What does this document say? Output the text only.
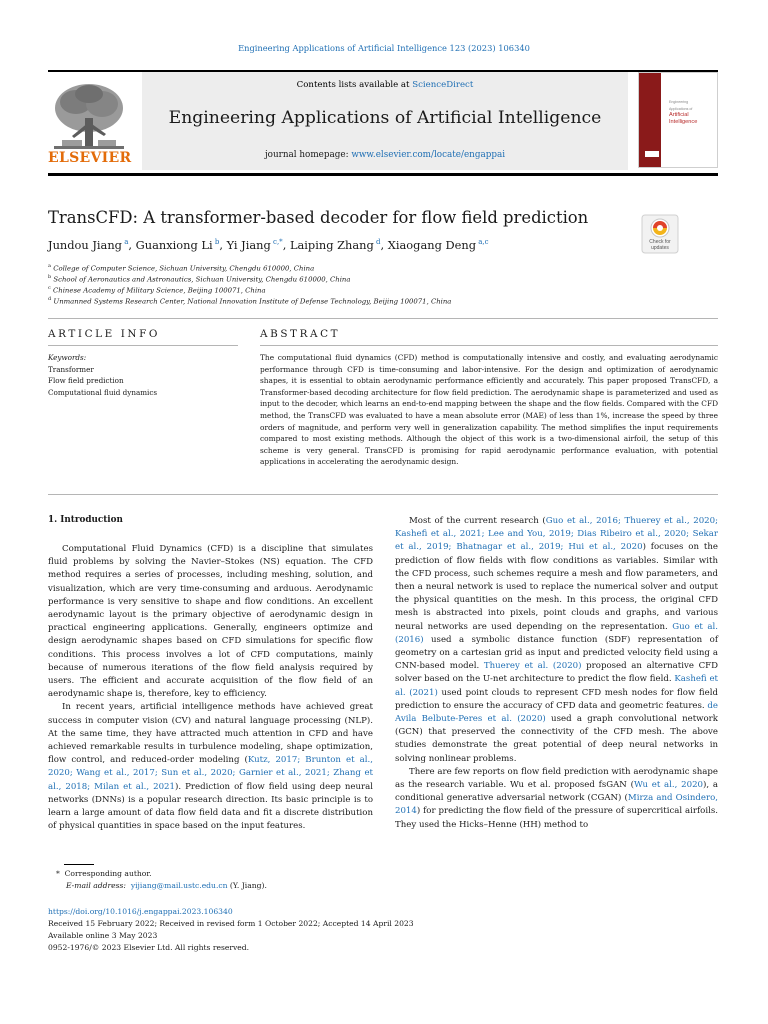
Engineering Applications of Artificial Intelligence 123 (2023) 106340
ELSEVIER
Contents lists available at ScienceDirect
Engineering Applications of Artificial Intelligence
journal homepage: www.elsevier.com/locate/engappai
Engineering
Applications of
Artificial
Intelligence
TransCFD: A transformer-based decoder for flow field prediction
Check for
updates
Jundou Jiang $^a$, Guanxiong Li $^b$, Yi Jiang $^{c,*}$, Laiping Zhang $^d$, Xiaogang Deng $^{a,c}$
$^a$ College of Computer Science, Sichuan University, Chengdu 610000, China
$^b$ School of Aeronautics and Astronautics, Sichuan University, Chengdu 610000, China
$^c$ Chinese Academy of Military Science, Beijing 100071, China
$^d$ Unmanned Systems Research Center, National Innovation Institute of Defense Technology, Beijing 100071, China
ARTICLE INFO	ABSTRACT
Keywords:
Transformer
Flow field prediction
Computational fluid dynamics
The computational fluid dynamics (CFD) method is computationally intensive and costly, and evaluating aerodynamic performance through CFD is time-consuming and labor-intensive. For the design and optimization of aerodynamic shapes, it is essential to obtain aerodynamic performance efficiently and accurately. This paper proposed TransCFD, a Transformer-based decoding architecture for flow field prediction. The aerodynamic shape is parameterized and used as input to the decoder, which learns an end-to-end mapping between the shape and the flow fields. Compared with the CFD method, the TransCFD was evaluated to have a mean absolute error (MAE) of less than 1%, increase the speed by three orders of magnitude, and perform very well in generalization capability. The method simplifies the input requirements compared to most existing methods. Although the object of this work is a two-dimensional airfoil, the setup of this scheme is very general. TransCFD is promising for rapid aerodynamic performance evaluation, with potential applications in accelerating the aerodynamic design.
1. Introduction

Computational Fluid Dynamics (CFD) is a discipline that simulates fluid problems by solving the Navier–Stokes (NS) equation. The CFD method requires a series of processes, including meshing, solution, and visualization, which are very time-consuming and arduous. Aerodynamic performance is very sensitive to shape and flow conditions. An excellent aerodynamic layout is the primary objective of aerodynamic design in practical engineering applications. Generally, engineers optimize and design aerodynamic shapes based on CFD simulations for specific flow conditions. This process involves a lot of CFD computations, mainly because of numerous iterations of the flow field analysis required by users. The efficient and accurate acquisition of the flow field of an aerodynamic shape is, therefore, key to efficiency.

In recent years, artificial intelligence methods have achieved great success in computer vision (CV) and natural language processing (NLP). At the same time, they have attracted much attention in CFD and have achieved remarkable results in turbulence modeling, shape optimization, flow control, and reduced-order modeling (Kutz, 2017; Brunton et al., 2020; Wang et al., 2017; Sun et al., 2020; Garnier et al., 2021; Zhang et al., 2018; Milan et al., 2021). Prediction of flow field using deep neural networks (DNNs) is a popular research direction. Its basic principle is to learn a large amount of data flow field data and fit a discrete distribution of physical quantities in space based on the input features.

Most of the current research (Guo et al., 2016; Thuerey et al., 2020; Kashefi et al., 2021; Lee and You, 2019; Dias Ribeiro et al., 2020; Sekar et al., 2019; Bhatnagar et al., 2019; Hui et al., 2020) focuses on the prediction of flow fields with flow conditions as variables. Similar with the CFD process, such schemes require a mesh and flow parameters, and then a neural network is used to replace the numerical solver and output the physical quantities on the mesh. In this process, the original CFD mesh is abstracted into pixels, point clouds and graphs, and various neural networks are used depending on the representation. Guo et al. (2016) used a symbolic distance function (SDF) representation of geometry on a cartesian grid as input and predicted velocity field using a CNN-based model. Thuerey et al. (2020) proposed an alternative CFD solver based on the U-net architecture to predict the flow field. Kashefi et al. (2021) used point clouds to represent CFD mesh nodes for flow field prediction to ensure the accuracy of CFD data and geometric features. de Avila Belbute-Peres et al. (2020) used a graph convolutional network (GCN) that preserved the connectivity of the CFD mesh. The above studies demonstrate the great potential of deep neural networks in solving nonlinear problems.

There are few reports on flow field prediction with aerodynamic shape as the research variable. Wu et al. proposed fsGAN (Wu et al., 2020), a conditional generative adversarial network (CGAN) (Mirza and Osindero, 2014) for predicting the flow field of the pressure of supercritical airfoils. They used the Hicks–Henne (HH) method to

* Corresponding author.
E-mail address: yijiang@mail.ustc.edu.cn (Y. Jiang).
https://doi.org/10.1016/j.engappai.2023.106340
Received 15 February 2022; Received in revised form 1 October 2022; Accepted 14 April 2023
Available online 3 May 2023
0952-1976/© 2023 Elsevier Ltd. All rights reserved.
